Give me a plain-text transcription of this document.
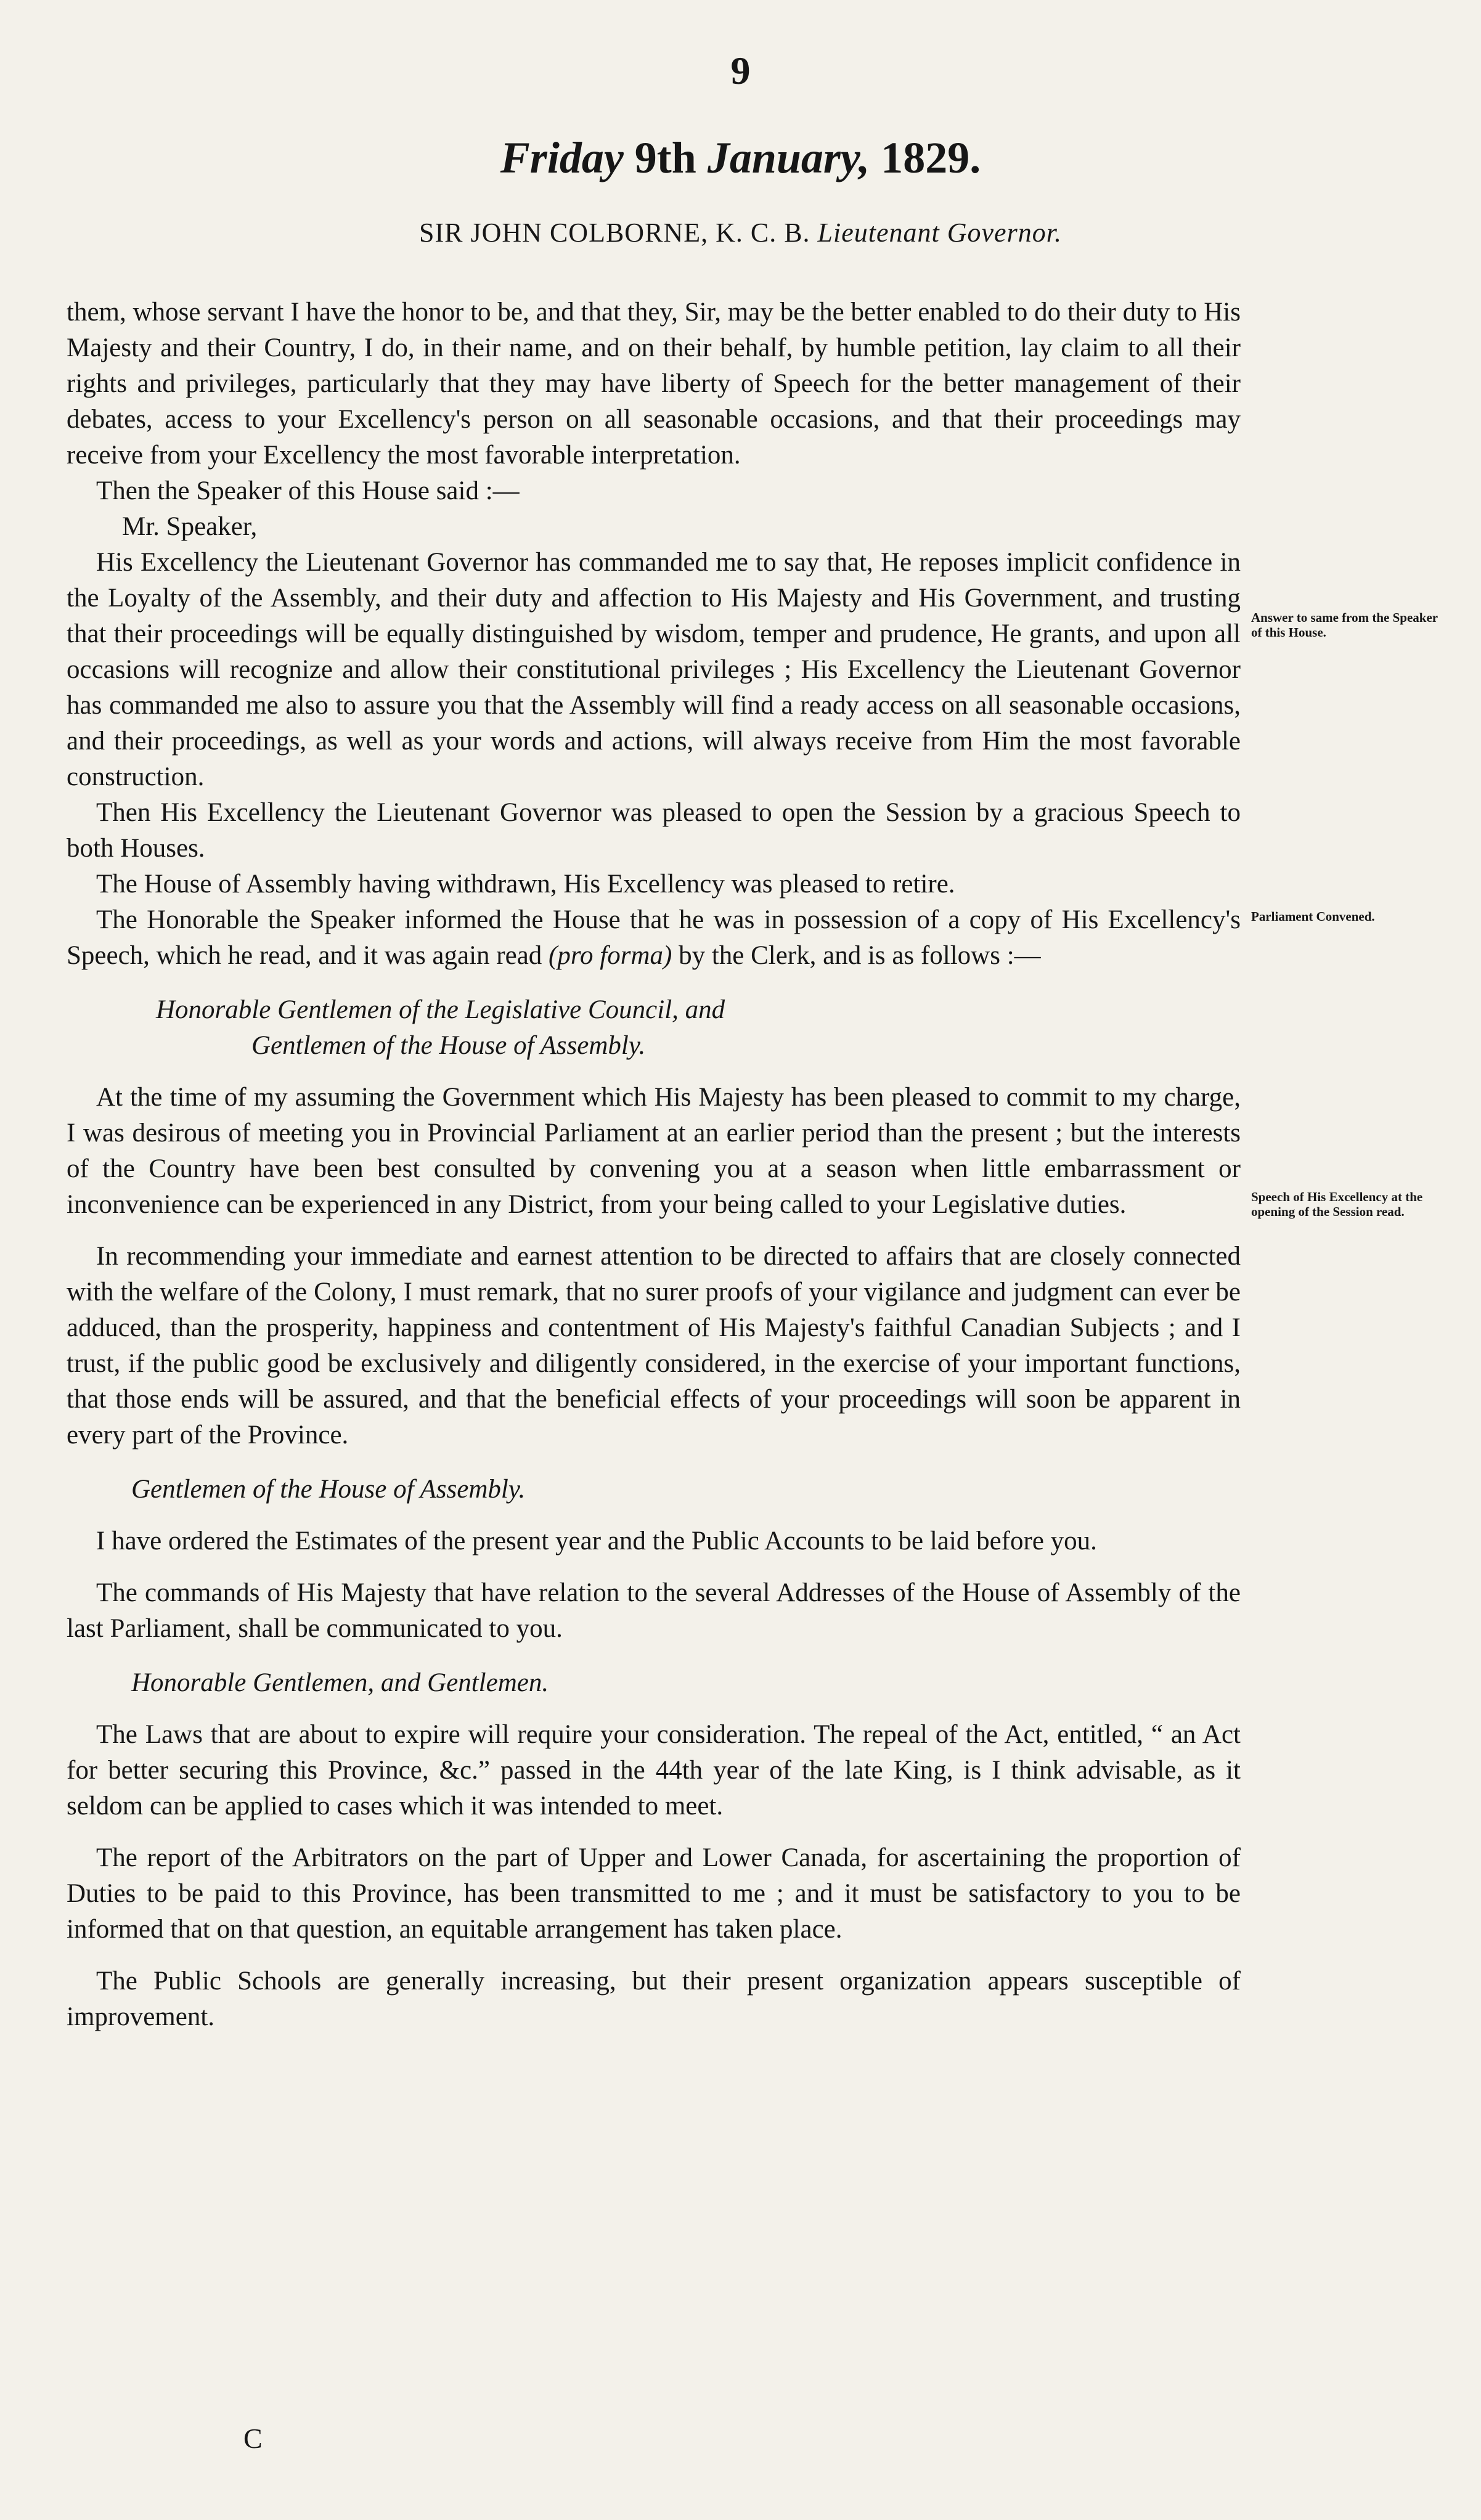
9
Friday 9th January, 1829.
SIR JOHN COLBORNE, K. C. B. Lieutenant Governor.

them, whose servant I have the honor to be, and that they, Sir, may be the better enabled to do their duty to His Majesty and their Country, I do, in their name, and on their behalf, by humble petition, lay claim to all their rights and privileges, particularly that they may have liberty of Speech for the better management of their debates, access to your Excellency's person on all seasonable occasions, and that their proceedings may receive from your Excellency the most favorable interpretation.

Then the Speaker of this House said :—

Mr. Speaker,

His Excellency the Lieutenant Governor has commanded me to say that, He reposes implicit confidence in the Loyalty of the Assembly, and their duty and affection to His Majesty and His Government, and trusting that their proceedings will be equally distinguished by wisdom, temper and prudence, He grants, and upon all occasions will recognize and allow their constitutional privileges ; His Excellency the Lieutenant Governor has commanded me also to assure you that the Assembly will find a ready access on all seasonable occasions, and their proceedings, as well as your words and actions, will always receive from Him the most favorable construction.

Then His Excellency the Lieutenant Governor was pleased to open the Session by a gracious Speech to both Houses.

The House of Assembly having withdrawn, His Excellency was pleased to retire.

The Honorable the Speaker informed the House that he was in possession of a copy of His Excellency's Speech, which he read, and it was again read (pro forma) by the Clerk, and is as follows :—

Honorable Gentlemen of the Legislative Council, and

Gentlemen of the House of Assembly.

At the time of my assuming the Government which His Majesty has been pleased to commit to my charge, I was desirous of meeting you in Provincial Parliament at an earlier period than the present ; but the interests of the Country have been best consulted by convening you at a season when little embarrassment or inconvenience can be experienced in any District, from your being called to your Legislative duties.

In recommending your immediate and earnest attention to be directed to affairs that are closely connected with the welfare of the Colony, I must remark, that no surer proofs of your vigilance and judgment can ever be adduced, than the prosperity, happiness and contentment of His Majesty's faithful Canadian Subjects ; and I trust, if the public good be exclusively and diligently considered, in the exercise of your important functions, that those ends will be assured, and that the beneficial effects of your proceedings will soon be apparent in every part of the Province.

Gentlemen of the House of Assembly.

I have ordered the Estimates of the present year and the Public Accounts to be laid before you.

The commands of His Majesty that have relation to the several Addresses of the House of Assembly of the last Parliament, shall be communicated to you.

Honorable Gentlemen, and Gentlemen.

The Laws that are about to expire will require your consideration. The repeal of the Act, entitled, “ an Act for better securing this Province, &c.” passed in the 44th year of the late King, is I think advisable, as it seldom can be applied to cases which it was intended to meet.

The report of the Arbitrators on the part of Upper and Lower Canada, for ascertaining the proportion of Duties to be paid to this Province, has been transmitted to me ; and it must be satisfactory to you to be informed that on that question, an equitable arrangement has taken place.

The Public Schools are generally increasing, but their present organization appears susceptible of improvement.

C
Answer to same from the Speaker of this House.
Parliament Convened.
Speech of His Excellency at the opening of the Session read.
